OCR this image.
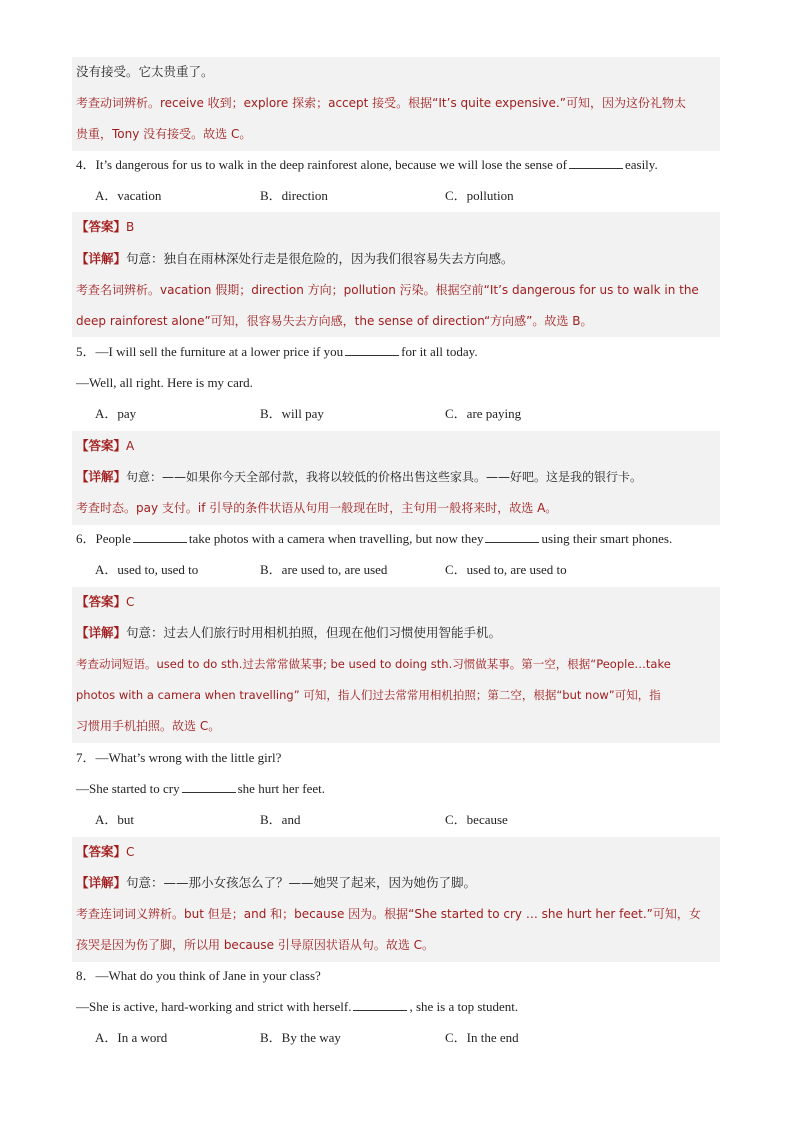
没有接受。它太贵重了。
考查动词辨析。receive 收到；explore 探索；accept 接受。根据“It’s quite expensive.”可知，因为这份礼物太
贵重，Tony 没有接受。故选 C。
4．It’s dangerous for us to walk in the deep rainforest alone, because we will lose the sense of	easily.
A．vacation	B．direction	C．pollution
【答案】B
【详解】句意：独自在雨林深处行走是很危险的，因为我们很容易失去方向感。
考查名词辨析。vacation 假期；direction 方向；pollution 污染。根据空前“It’s dangerous for us to walk in the
deep rainforest alone”可知，很容易失去方向感，the sense of direction“方向感”。故选 B。
5．—I will sell the furniture at a lower price if you	for it all today.
—Well, all right. Here is my card.
A．pay	B．will pay	C．are paying
【答案】A
【详解】句意：——如果你今天全部付款，我将以较低的价格出售这些家具。——好吧。这是我的银行卡。
考查时态。pay 支付。if 引导的条件状语从句用一般现在时，主句用一般将来时，故选 A。
6．People	take photos with a camera when travelling, but now they	using their smart phones.
A．used to, used to	B．are used to, are used	C．used to, are used to
【答案】C
【详解】句意：过去人们旅行时用相机拍照，但现在他们习惯使用智能手机。
考查动词短语。used to do sth.过去常常做某事; be used to doing sth.习惯做某事。第一空，根据“People…take
photos with a camera when travelling” 可知，指人们过去常常用相机拍照；第二空，根据“but now”可知，指
习惯用手机拍照。故选 C。
7．—What’s wrong with the little girl?
—She started to cry	she hurt her feet.
A．but	B．and	C．because
【答案】C
【详解】句意：——那小女孩怎么了？——她哭了起来，因为她伤了脚。
考查连词词义辨析。but 但是；and 和；because 因为。根据“She started to cry … she hurt her feet.”可知，女
孩哭是因为伤了脚，所以用 because 引导原因状语从句。故选 C。
8．—What do you think of Jane in your class?
—She is active, hard-working and strict with herself.	, she is a top student.
A．In a word	B．By the way	C．In the end
